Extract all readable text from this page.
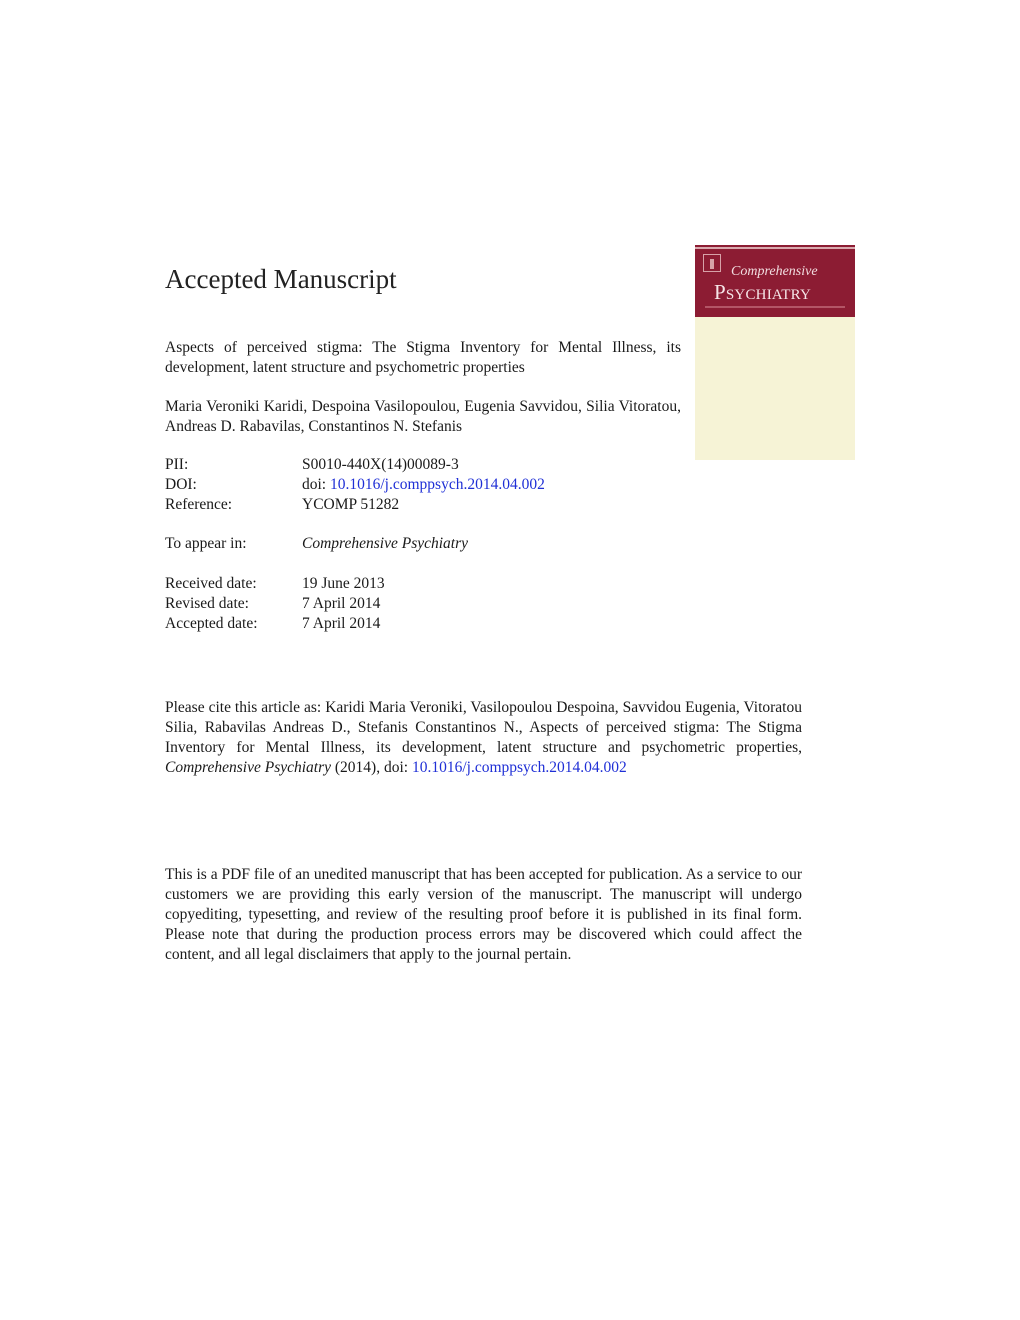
Accepted Manuscript	Comprehensive
Psychiatry
Aspects of perceived stigma: The Stigma Inventory for Mental Illness, its development, latent structure and psychometric properties
Maria Veroniki Karidi, Despoina Vasilopoulou, Eugenia Savvidou, Silia Vitoratou, Andreas D. Rabavilas, Constantinos N. Stefanis
PII:	S0010-440X(14)00089-3
DOI:	doi: 10.1016/j.comppsych.2014.04.002
Reference:	YCOMP 51282
To appear in:	Comprehensive Psychiatry
Received date:	19 June 2013
Revised date:	7 April 2014
Accepted date:	7 April 2014
Please cite this article as: Karidi Maria Veroniki, Vasilopoulou Despoina, Savvidou Eugenia, Vitoratou Silia, Rabavilas Andreas D., Stefanis Constantinos N., Aspects of perceived stigma: The Stigma Inventory for Mental Illness, its development, latent structure and psychometric properties, Comprehensive Psychiatry (2014), doi: 10.1016/j.comppsych.2014.04.002
This is a PDF file of an unedited manuscript that has been accepted for publication. As a service to our customers we are providing this early version of the manuscript. The manuscript will undergo copyediting, typesetting, and review of the resulting proof before it is published in its final form. Please note that during the production process errors may be discovered which could affect the content, and all legal disclaimers that apply to the journal pertain.
